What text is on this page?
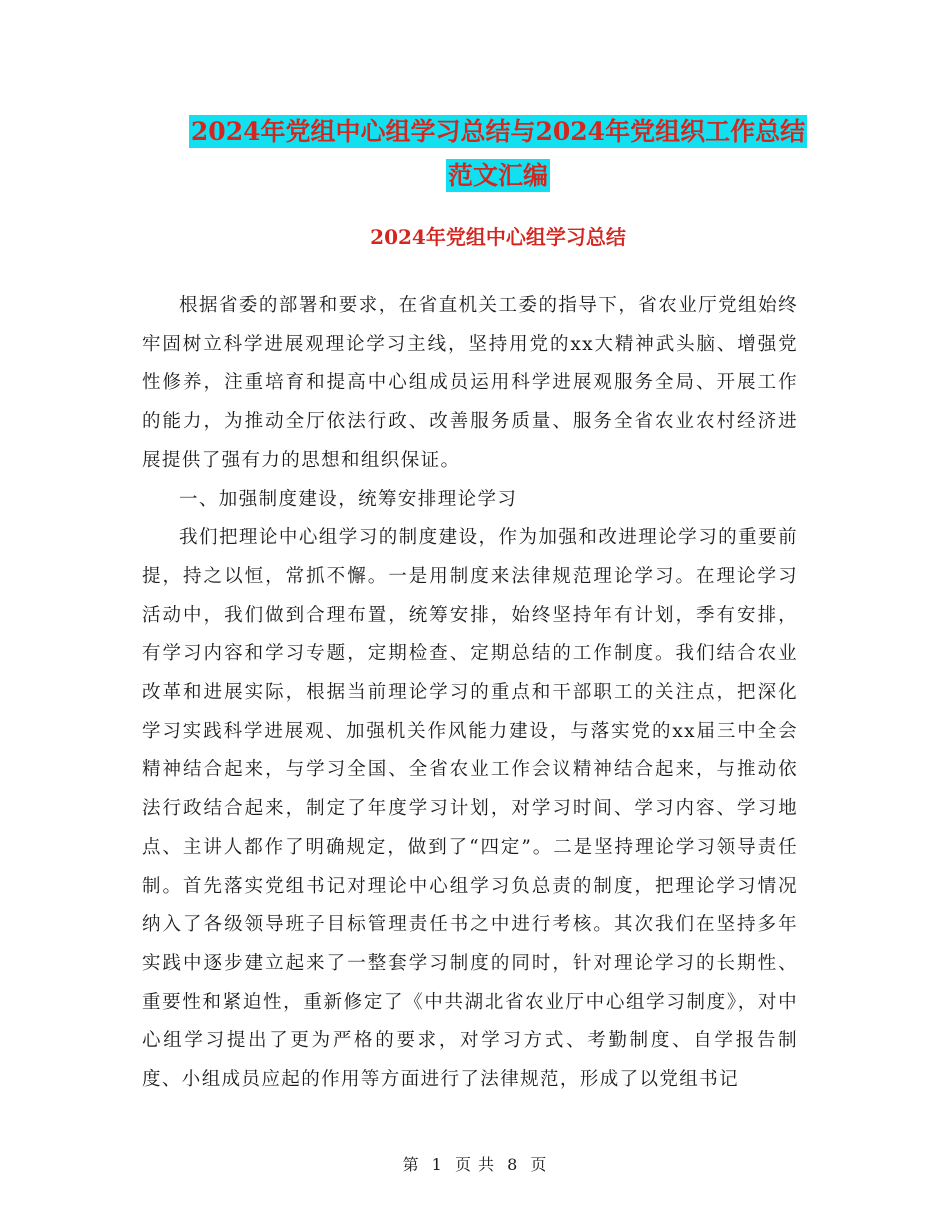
2024年党组中心组学习总结与2024年党组织工作总结
范文汇编
2024年党组中心组学习总结

根据省委的部署和要求，在省直机关工委的指导下，省农业厅党组始终牢固树立科学进展观理论学习主线，坚持用党的xx大精神武头脑、增强党性修养，注重培育和提高中心组成员运用科学进展观服务全局、开展工作的能力，为推动全厅依法行政、改善服务质量、服务全省农业农村经济进展提供了强有力的思想和组织保证。

一、加强制度建设，统筹安排理论学习

我们把理论中心组学习的制度建设，作为加强和改进理论学习的重要前提，持之以恒，常抓不懈。一是用制度来法律规范理论学习。在理论学习活动中，我们做到合理布置，统筹安排，始终坚持年有计划，季有安排，有学习内容和学习专题，定期检查、定期总结的工作制度。我们结合农业改革和进展实际，根据当前理论学习的重点和干部职工的关注点，把深化学习实践科学进展观、加强机关作风能力建设，与落实党的xx届三中全会精神结合起来，与学习全国、全省农业工作会议精神结合起来，与推动依法行政结合起来，制定了年度学习计划，对学习时间、学习内容、学习地点、主讲人都作了明确规定，做到了“四定”。二是坚持理论学习领导责任制。首先落实党组书记对理论中心组学习负总责的制度，把理论学习情况纳入了各级领导班子目标管理责任书之中进行考核。其次我们在坚持多年实践中逐步建立起来了一整套学习制度的同时，针对理论学习的长期性、重要性和紧迫性，重新修定了《中共湖北省农业厅中心组学习制度》，对中心组学习提出了更为严格的要求，对学习方式、考勤制度、自学报告制度、小组成员应起的作用等方面进行了法律规范，形成了以党组书记

第 1 页 共 8 页
